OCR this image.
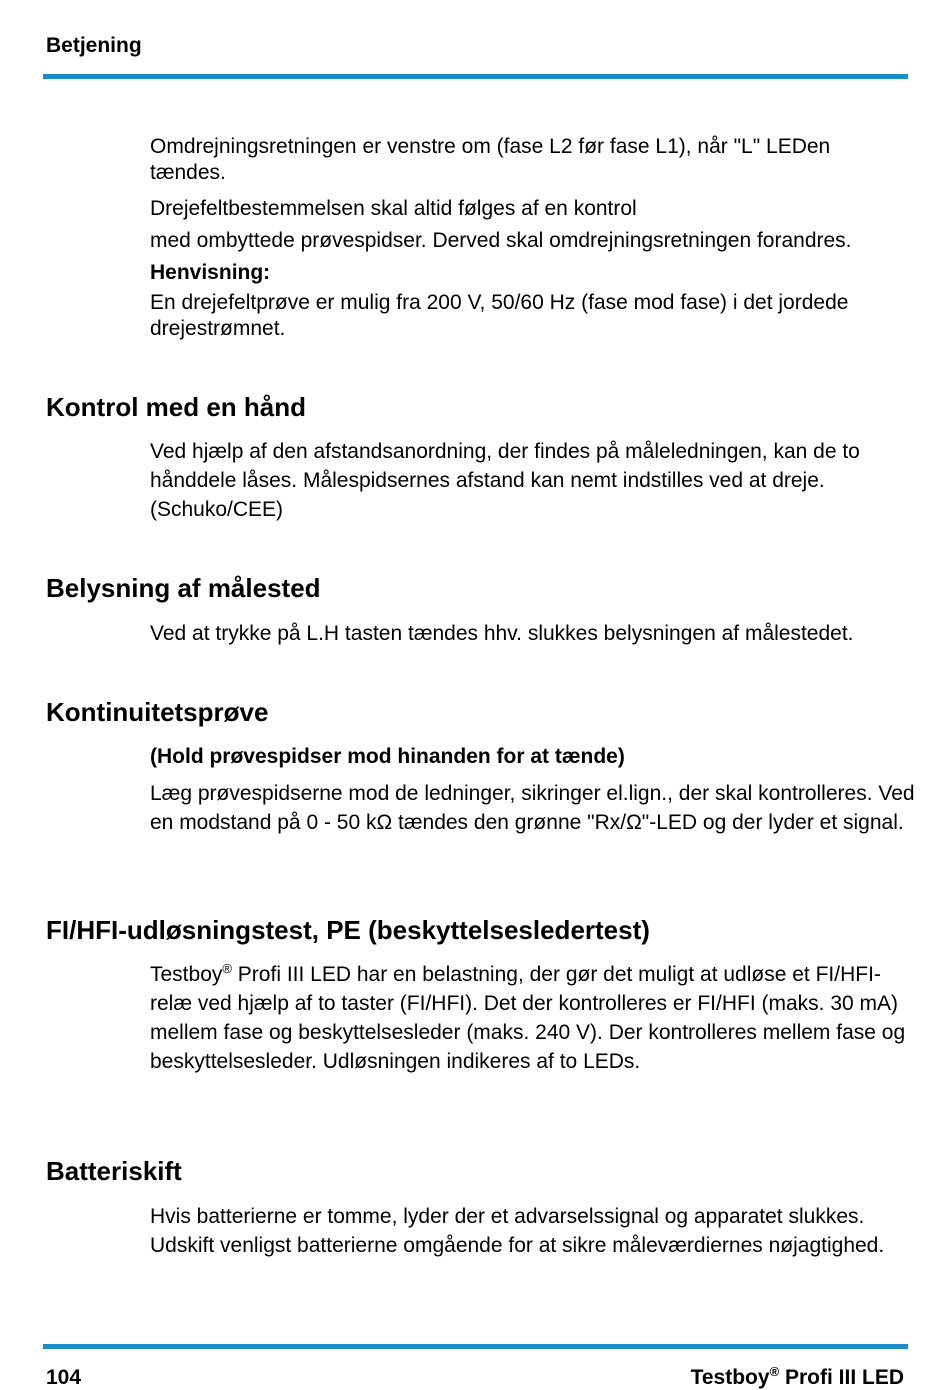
Betjening
Omdrejningsretningen er venstre om (fase L2 før fase L1), når "L" LEDen tændes.
Drejefeltbestemmelsen skal altid følges af en kontrol
med ombyttede prøvespidser. Derved skal omdrejningsretningen forandres.
Henvisning:
En drejefeltprøve er mulig fra 200 V, 50/60 Hz (fase mod fase) i det jordede drejestrømnet.
Kontrol med en hånd
Ved hjælp af den afstandsanordning, der findes på måleledningen, kan de to hånddele låses. Målespidsernes afstand kan nemt indstilles ved at dreje. (Schuko/CEE)
Belysning af målested
Ved at trykke på L.H tasten tændes hhv. slukkes belysningen af målestedet.
Kontinuitetsprøve
(Hold prøvespidser mod hinanden for at tænde)
Læg prøvespidserne mod de ledninger, sikringer el.lign., der skal kontrolleres. Ved en modstand på 0 - 50 kΩ tændes den grønne "Rx/Ω"-LED og der lyder et signal.
FI/HFI-udløsningstest, PE (beskyttelsesledertest)
Testboy® Profi III LED har en belastning, der gør det muligt at udløse et FI/HFI-relæ ved hjælp af to taster (FI/HFI). Det der kontrolleres er FI/HFI (maks. 30 mA) mellem fase og beskyttelsesleder (maks. 240 V). Der kontrolleres mellem fase og beskyttelsesleder. Udløsningen indikeres af to LEDs.
Batteriskift
Hvis batterierne er tomme, lyder der et advarselssignal og apparatet slukkes. Udskift venligst batterierne omgående for at sikre måleværdiernes nøjagtighed.
104	Testboy® Profi III LED
